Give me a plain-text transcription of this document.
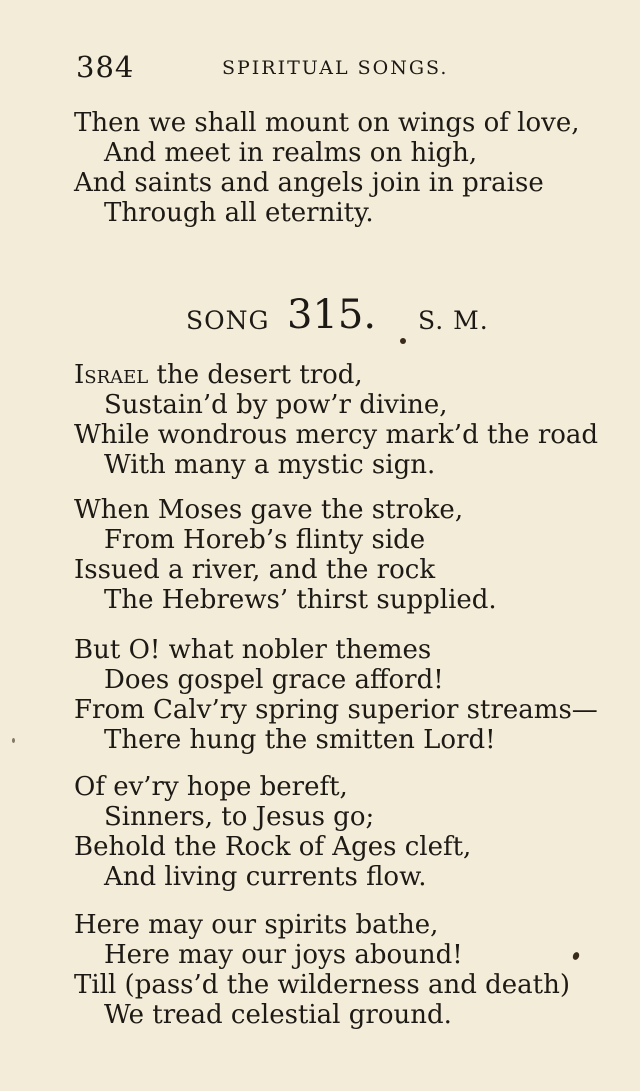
384	SPIRITUAL SONGS.
Then we shall mount on wings of love,
And meet in realms on high,
And saints and angels join in praise
Through all eternity.
SONG 315. S. M.
Israel the desert trod,
Sustain’d by pow’r divine,
While wondrous mercy mark’d the road
With many a mystic sign.
When Moses gave the stroke,
From Horeb’s flinty side
Issued a river, and the rock
The Hebrews’ thirst supplied.
But O! what nobler themes
Does gospel grace afford!
From Calv’ry spring superior streams—
There hung the smitten Lord!
Of ev’ry hope bereft,
Sinners, to Jesus go;
Behold the Rock of Ages cleft,
And living currents flow.
Here may our spirits bathe,
Here may our joys abound!
Till (pass’d the wilderness and death)
We tread celestial ground.
